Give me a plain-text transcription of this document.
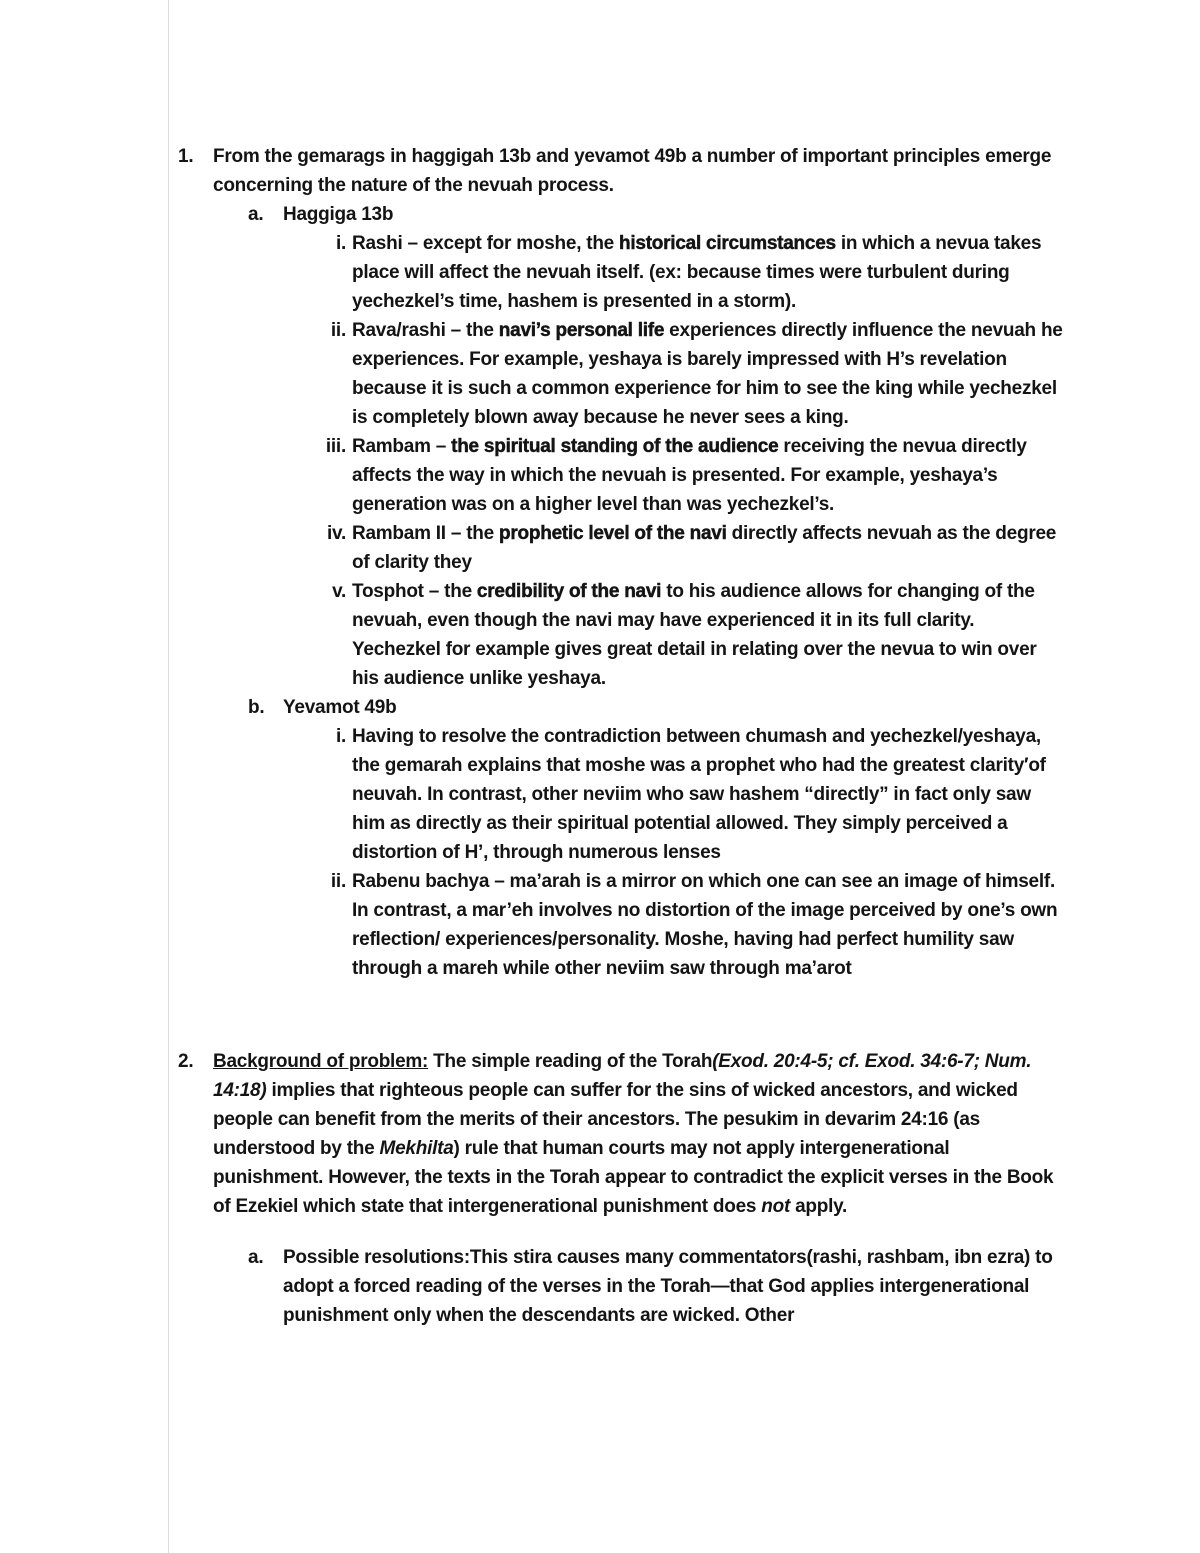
1.	From the gemarags in haggigah 13b and yevamot 49b a number of important principles emerge concerning the nature of the nevuah process.
a.	Haggiga 13b
i. Rashi – except for moshe, the historical circumstances in which a nevua takes place will affect the nevuah itself. (ex: because times were turbulent during yechezkel’s time, hashem is presented in a storm).
ii. Rava/rashi – the navi’s personal life experiences directly influence the nevuah he experiences. For example, yeshaya is barely impressed with H’s revelation because it is such a common experience for him to see the king while yechezkel is completely blown away because he never sees a king.
iii. Rambam – the spiritual standing of the audience receiving the nevua directly affects the way in which the nevuah is presented. For example, yeshaya’s generation was on a higher level than was yechezkel’s.
iv. Rambam II – the prophetic level of the navi directly affects nevuah as the degree of clarity they
v. Tosphot – the credibility of the navi to his audience allows for changing of the nevuah, even though the navi may have experienced it in its full clarity. Yechezkel for example gives great detail in relating over the nevua to win over his audience unlike yeshaya.
b. Yevamot 49b
i. Having to resolve the contradiction between chumash and yechezkel/yeshaya, the gemarah explains that moshe was a prophet who had the greatest clarity′of neuvah. In contrast, other neviim who saw hashem “directly” in fact only saw him as directly as their spiritual potential allowed. They simply perceived a distortion of H’, through numerous lenses
ii. Rabenu bachya – ma’arah is a mirror on which one can see an image of himself. In contrast, a mar’eh involves no distortion of the image perceived by one’s own reflection/ experiences/personality. Moshe, having had perfect humility saw through a mareh while other neviim saw through ma’arot
2.	Background of problem: The simple reading of the Torah(Exod. 20:4-5; cf. Exod. 34:6-7; Num. 14:18) implies that righteous people can suffer for the sins of wicked ancestors, and wicked people can benefit from the merits of their ancestors. The pesukim in devarim 24:16 (as understood by the Mekhilta) rule that human courts may not apply intergenerational punishment. However, the texts in the Torah appear to contradict the explicit verses in the Book of Ezekiel which state that intergenerational punishment does not apply.
a.	Possible resolutions:This stira causes many commentators(rashi, rashbam, ibn ezra) to adopt a forced reading of the verses in the Torah—that God applies intergenerational punishment only when the descendants are wicked. Other
